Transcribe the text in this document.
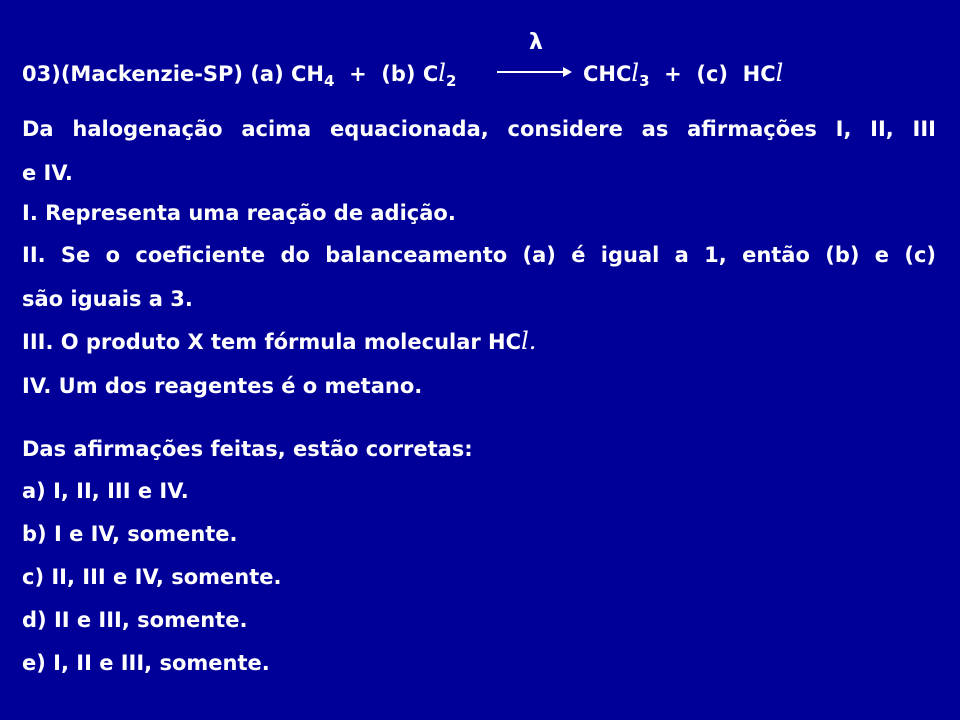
λ
03)(Mackenzie-SP) (a) $CH_4 + (b)$ $Cl_2$	CHCl$_3$ + (c) HCl
Da halogenação acima equacionada, considere as afirmações I, II, III
e IV.
I. Representa uma reação de adição.
II. Se o coeficiente do balanceamento (a) é igual a 1, então (b) e (c)
são iguais a 3.
III. O produto X tem fórmula molecular HCl.
IV. Um dos reagentes é o metano.
Das afirmações feitas, estão corretas:
a) I, II, III e IV.
b) I e IV, somente.
c) II, III e IV, somente.
d) II e III, somente.
e) I, II e III, somente.
